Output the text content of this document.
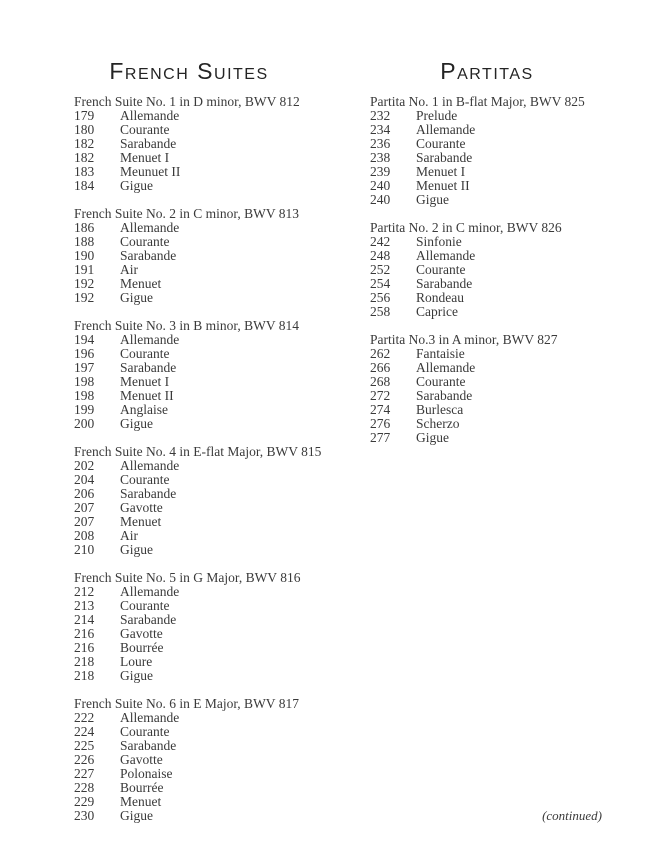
French Suites
French Suite No. 1 in D minor, BWV 812
179 Allemande
180 Courante
182 Sarabande
182 Menuet I
183 Meunuet II
184 Gigue
French Suite No. 2 in C minor, BWV 813
186 Allemande
188 Courante
190 Sarabande
191 Air
192 Menuet
192 Gigue
French Suite No. 3 in B minor, BWV 814
194 Allemande
196 Courante
197 Sarabande
198 Menuet I
198 Menuet II
199 Anglaise
200 Gigue
French Suite No. 4 in E-flat Major, BWV 815
202 Allemande
204 Courante
206 Sarabande
207 Gavotte
207 Menuet
208 Air
210 Gigue
French Suite No. 5 in G Major, BWV 816
212 Allemande
213 Courante
214 Sarabande
216 Gavotte
216 Bourrée
218 Loure
218 Gigue
French Suite No. 6 in E Major, BWV 817
222 Allemande
224 Courante
225 Sarabande
226 Gavotte
227 Polonaise
228 Bourrée
229 Menuet
230 Gigue
Partitas
Partita No. 1 in B-flat Major, BWV 825
232 Prelude
234 Allemande
236 Courante
238 Sarabande
239 Menuet I
240 Menuet II
240 Gigue
Partita No. 2 in C minor, BWV 826
242 Sinfonie
248 Allemande
252 Courante
254 Sarabande
256 Rondeau
258 Caprice
Partita No.3 in A minor, BWV 827
262 Fantaisie
266 Allemande
268 Courante
272 Sarabande
274 Burlesca
276 Scherzo
277 Gigue
(continued)
